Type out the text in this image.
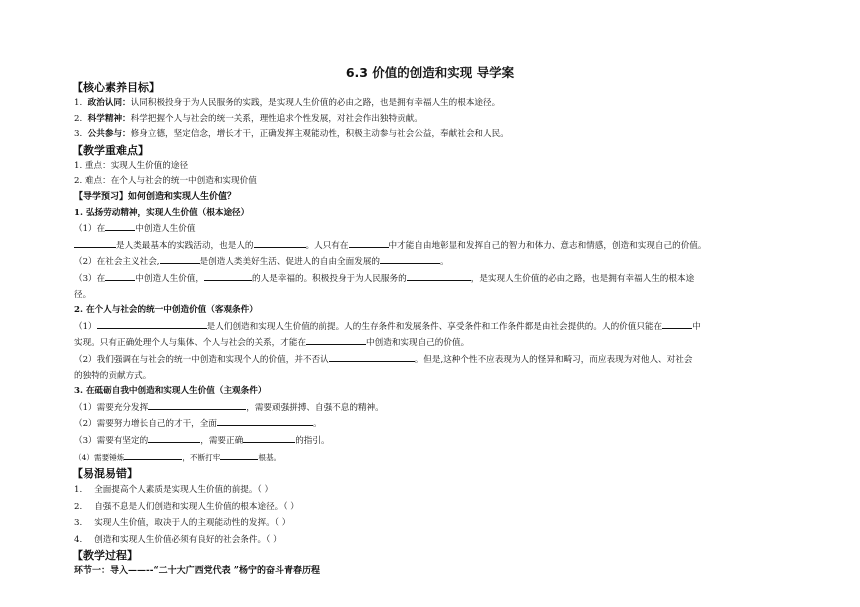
6.3 价值的创造和实现 导学案
【核心素养目标】
1. 政治认同：认同积极投身于为人民服务的实践，是实现人生价值的必由之路，也是拥有幸福人生的根本途径。
2. 科学精神：科学把握个人与社会的统一关系，理性追求个性发展，对社会作出独特贡献。
3. 公共参与：修身立德，坚定信念，增长才干，正确发挥主观能动性，积极主动参与社会公益，奉献社会和人民。
【教学重难点】
1. 重点：实现人生价值的途径
2. 难点：在个人与社会的统一中创造和实现价值
【导学预习】如何创造和实现人生价值？
1. 弘扬劳动精神，实现人生价值（根本途径）
（1）在	中创造人生价值
是人类最基本的实践活动，也是人的	。人只有在	中才能自由地彰显和发挥自己的智力和体力、意志和情感，创造和实现自己的价值。
（2）在社会主义社会,	是创造人类美好生活、促进人的自由全面发展的	。
（3）在	中创造人生价值，	的人是幸福的。积极投身于为人民服务的	，是实现人生价值的必由之路，也是拥有幸福人生的根本途
径。
2. 在个人与社会的统一中创造价值（客观条件）
（1）	是人们创造和实现人生价值的前提。人的生存条件和发展条件、享受条件和工作条件都是由社会提供的。人的价值只能在	中
实现。只有正确处理个人与集体、个人与社会的关系，才能在	中创造和实现自己的价值。
（2）我们强调在与社会的统一中创造和实现个人的价值，并不否认	。但是,这种个性不应表现为人的怪异和畸习，而应表现为对他人、对社会
的独特的贡献方式。
3. 在砥砺自我中创造和实现人生价值（主观条件）
（1）需要充分发挥	，需要顽强拼搏、自强不息的精神。
（2）需要努力增长自己的才干，全面	。
（3）需要有坚定的	，需要正确	的指引。
（4）需要锤炼	，不断打牢	根基。
【易混易错】
1. 全面提高个人素质是实现人生价值的前提。（ ）
2. 自强不息是人们创造和实现人生价值的根本途径。（ ）
3. 实现人生价值，取决于人的主观能动性的发挥。（ ）
4. 创造和实现人生价值必须有良好的社会条件。（ ）
【教学过程】
环节一：导入——--“二十大广西党代表 ”杨宁的奋斗青春历程
